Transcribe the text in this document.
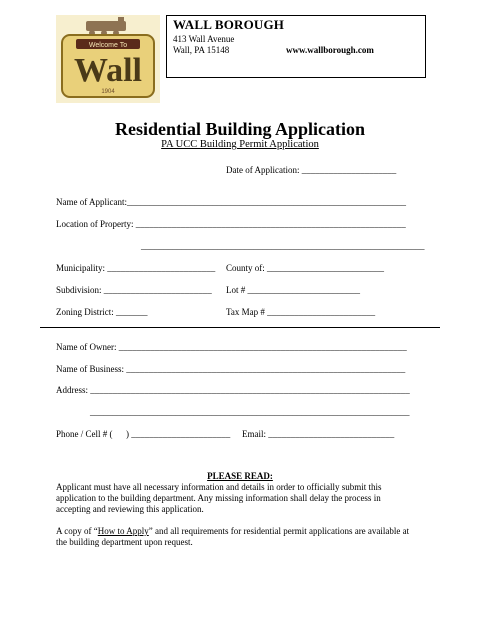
Welcome To
Wall
1904
WALL BOROUGH
413 Wall Avenue
Wall, PA 15148	www.wallborough.com
Residential Building Application
PA UCC Building Permit Application
Date of Application: _____________________
Name of Applicant:______________________________________________________________
Location of Property: ____________________________________________________________
_______________________________________________________________
Municipality: ________________________ County of: __________________________
Subdivision: ________________________ Lot # _________________________
Zoning District: _______	Tax Map # ________________________
Name of Owner: ________________________________________________________________
Name of Business: ______________________________________________________________
Address: _______________________________________________________________________
_______________________________________________________________________
Phone / Cell # (      ) ______________________ Email: ____________________________
PLEASE READ:
Applicant must have all necessary information and details in order to officially submit this application to the building department. Any missing information shall delay the process in accepting and reviewing this application.
A copy of “How to Apply” and all requirements for residential permit applications are available at the building department upon request.
